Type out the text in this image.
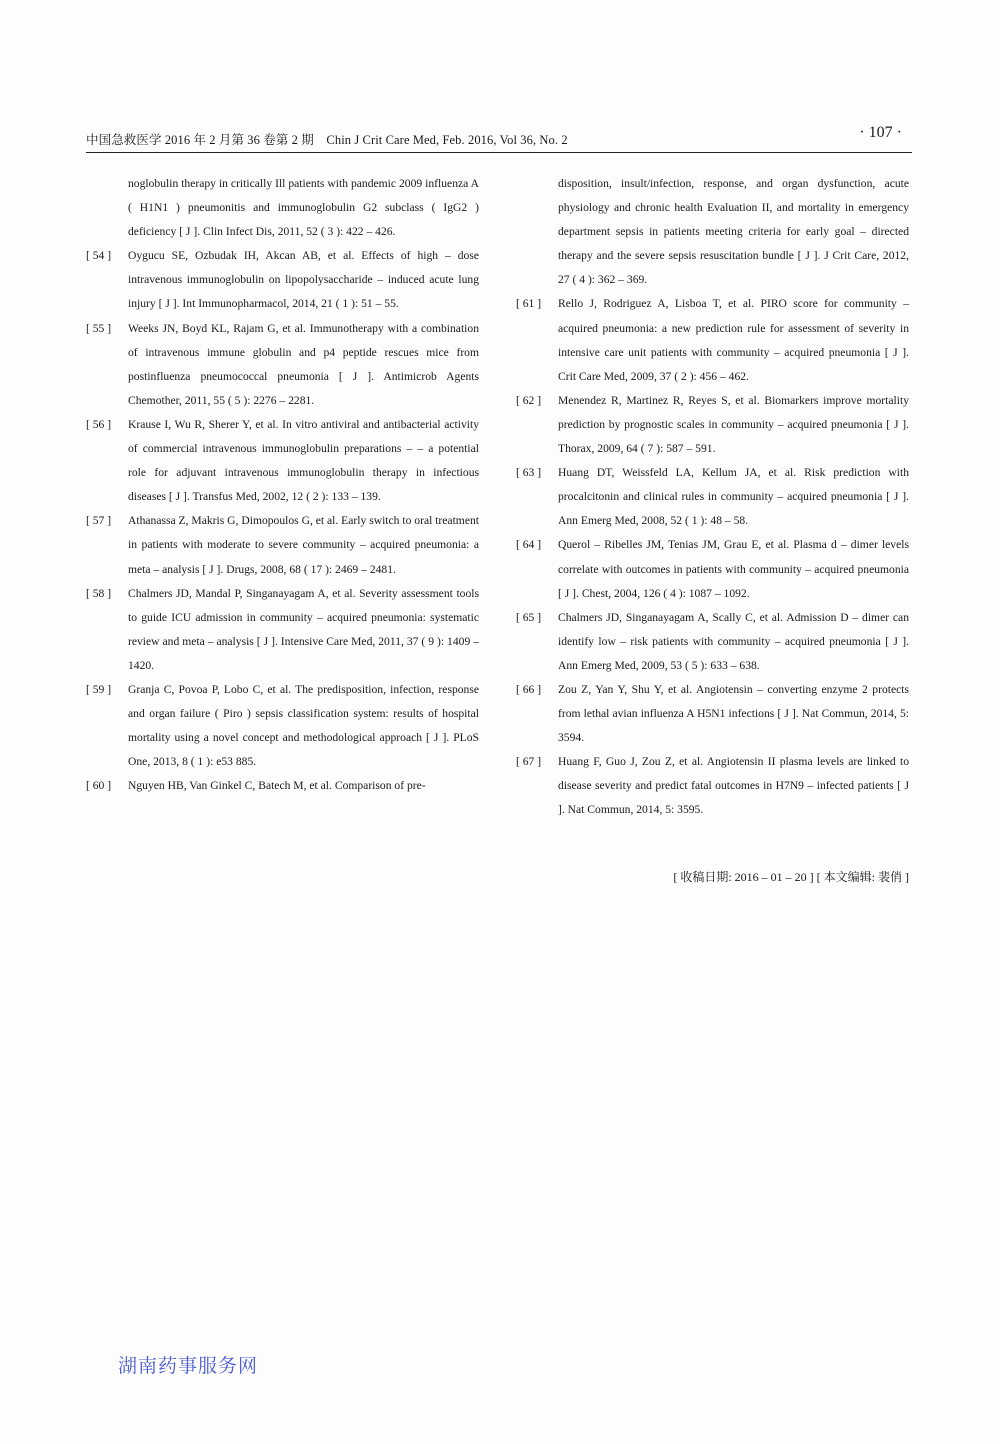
中国急救医学 2016 年 2 月第 36 卷第 2 期　Chin J Crit Care Med, Feb. 2016, Vol 36, No. 2	· 107 ·
noglobulin therapy in critically Ill patients with pandemic 2009 influenza A ( H1N1 ) pneumonitis and immunoglobulin G2 subclass ( IgG2 ) deficiency [ J ]. Clin Infect Dis, 2011, 52 ( 3 ): 422 – 426.
[ 54 ] Oygucu SE, Ozbudak IH, Akcan AB, et al. Effects of high – dose intravenous immunoglobulin on lipopolysaccharide – induced acute lung injury [ J ]. Int Immunopharmacol, 2014, 21 ( 1 ): 51 – 55.
[ 55 ] Weeks JN, Boyd KL, Rajam G, et al. Immunotherapy with a combination of intravenous immune globulin and p4 peptide rescues mice from postinfluenza pneumococcal pneumonia [ J ]. Antimicrob Agents Chemother, 2011, 55 ( 5 ): 2276 – 2281.
[ 56 ] Krause I, Wu R, Sherer Y, et al. In vitro antiviral and antibacterial activity of commercial intravenous immunoglobulin preparations – – a potential role for adjuvant intravenous immunoglobulin therapy in infectious diseases [ J ]. Transfus Med, 2002, 12 ( 2 ): 133 – 139.
[ 57 ] Athanassa Z, Makris G, Dimopoulos G, et al. Early switch to oral treatment in patients with moderate to severe community – acquired pneumonia: a meta – analysis [ J ]. Drugs, 2008, 68 ( 17 ): 2469 – 2481.
[ 58 ] Chalmers JD, Mandal P, Singanayagam A, et al. Severity assessment tools to guide ICU admission in community – acquired pneumonia: systematic review and meta – analysis [ J ]. Intensive Care Med, 2011, 37 ( 9 ): 1409 – 1420.
[ 59 ] Granja C, Povoa P, Lobo C, et al. The predisposition, infection, response and organ failure ( Piro ) sepsis classification system: results of hospital mortality using a novel concept and methodological approach [ J ]. PLoS One, 2013, 8 ( 1 ): e53 885.
[ 60 ] Nguyen HB, Van Ginkel C, Batech M, et al. Comparison of pre-
disposition, insult/infection, response, and organ dysfunction, acute physiology and chronic health Evaluation II, and mortality in emergency department sepsis in patients meeting criteria for early goal – directed therapy and the severe sepsis resuscitation bundle [ J ]. J Crit Care, 2012, 27 ( 4 ): 362 – 369.
[ 61 ] Rello J, Rodriguez A, Lisboa T, et al. PIRO score for community – acquired pneumonia: a new prediction rule for assessment of severity in intensive care unit patients with community – acquired pneumonia [ J ]. Crit Care Med, 2009, 37 ( 2 ): 456 – 462.
[ 62 ] Menendez R, Martinez R, Reyes S, et al. Biomarkers improve mortality prediction by prognostic scales in community – acquired pneumonia [ J ]. Thorax, 2009, 64 ( 7 ): 587 – 591.
[ 63 ] Huang DT, Weissfeld LA, Kellum JA, et al. Risk prediction with procalcitonin and clinical rules in community – acquired pneumonia [ J ]. Ann Emerg Med, 2008, 52 ( 1 ): 48 – 58.
[ 64 ] Querol – Ribelles JM, Tenias JM, Grau E, et al. Plasma d – dimer levels correlate with outcomes in patients with community – acquired pneumonia [ J ]. Chest, 2004, 126 ( 4 ): 1087 – 1092.
[ 65 ] Chalmers JD, Singanayagam A, Scally C, et al. Admission D – dimer can identify low – risk patients with community – acquired pneumonia [ J ]. Ann Emerg Med, 2009, 53 ( 5 ): 633 – 638.
[ 66 ] Zou Z, Yan Y, Shu Y, et al. Angiotensin – converting enzyme 2 protects from lethal avian influenza A H5N1 infections [ J ]. Nat Commun, 2014, 5: 3594.
[ 67 ] Huang F, Guo J, Zou Z, et al. Angiotensin II plasma levels are linked to disease severity and predict fatal outcomes in H7N9 – infected patients [ J ]. Nat Commun, 2014, 5: 3595.
[ 收稿日期: 2016 – 01 – 20 ] [ 本文编辑: 裴俏 ]
湖南药事服务网
